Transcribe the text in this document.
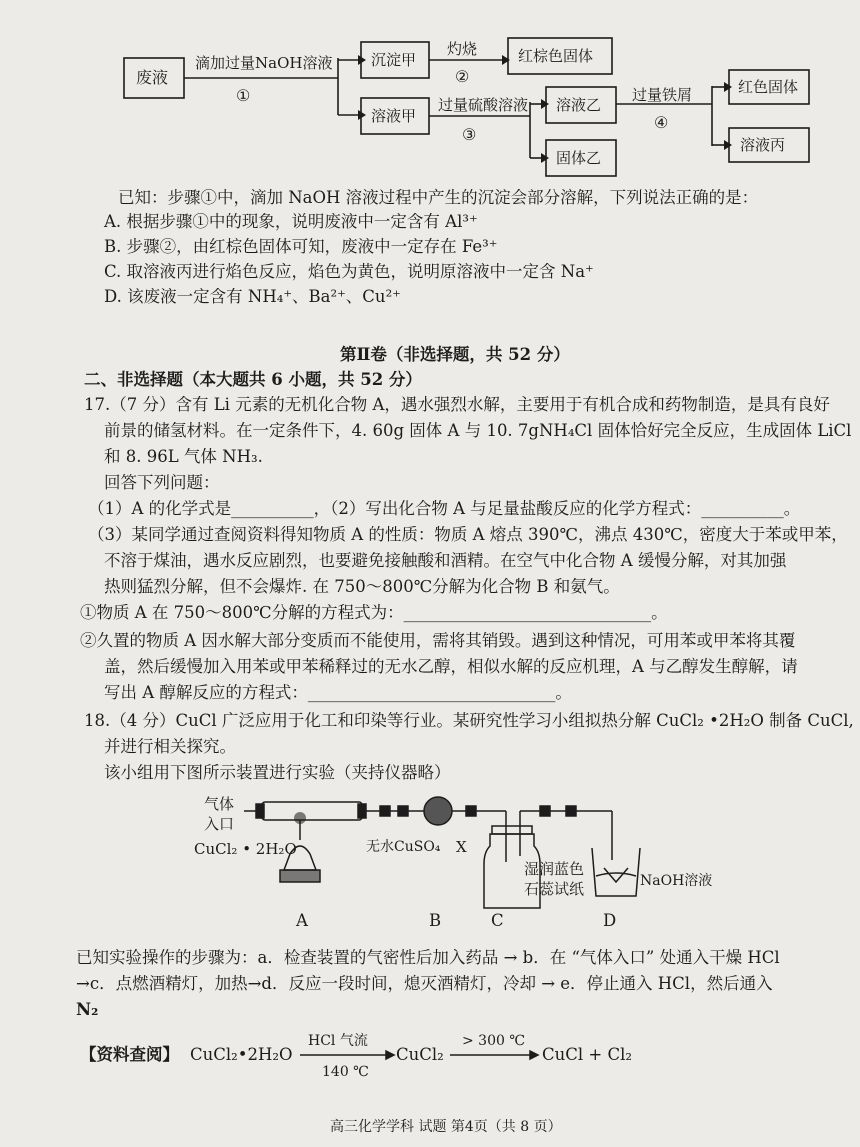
废液
滴加过量NaOH溶液
①
沉淀甲
灼烧
②
红棕色固体
溶液甲
过量硫酸溶液
③
溶液乙
固体乙
过量铁屑
④
红色固体
溶液丙
已知：步骤①中，滴加 NaOH 溶液过程中产生的沉淀会部分溶解，下列说法正确的是：
A. 根据步骤①中的现象，说明废液中一定含有 Al³⁺
B. 步骤②，由红棕色固体可知，废液中一定存在 Fe³⁺
C. 取溶液丙进行焰色反应，焰色为黄色，说明原溶液中一定含 Na⁺
D. 该废液一定含有 NH₄⁺、Ba²⁺、Cu²⁺
第Ⅱ卷（非选择题，共 52 分）
二、非选择题（本大题共 6 小题，共 52 分）
17.（7 分）含有 Li 元素的无机化合物 A，遇水强烈水解，主要用于有机合成和药物制造，是具有良好
前景的储氢材料。在一定条件下，4. 60g 固体 A 与 10. 7gNH₄Cl 固体恰好完全反应，生成固体 LiCl
和 8. 96L 气体 NH₃.
回答下列问题：
（1）A 的化学式是__________，（2）写出化合物 A 与足量盐酸反应的化学方程式：__________。
（3）某同学通过查阅资料得知物质 A 的性质：物质 A 熔点 390℃，沸点 430℃，密度大于苯或甲苯，
不溶于煤油，遇水反应剧烈，也要避免接触酸和酒精。在空气中化合物 A 缓慢分解，对其加强
热则猛烈分解，但不会爆炸. 在 750～800℃分解为化合物 B 和氨气。
①物质 A 在 750～800℃分解的方程式为：______________________________。
②久置的物质 A 因水解大部分变质而不能使用，需将其销毁。遇到这种情况，可用苯或甲苯将其覆
盖，然后缓慢加入用苯或甲苯稀释过的无水乙醇，相似水解的反应机理，A 与乙醇发生醇解，请
写出 A 醇解反应的方程式：______________________________。
18.（4 分）CuCl 广泛应用于化工和印染等行业。某研究性学习小组拟热分解 CuCl₂ •2H₂O 制备 CuCl,
并进行相关探究。
该小组用下图所示装置进行实验（夹持仪器略）
气体
入口
CuCl₂ • 2H₂O	无水CuSO₄ X
湿润蓝色
石蕊试纸	NaOH溶液
A	B	C	D
已知实验操作的步骤为：a．检查装置的气密性后加入药品 → b．在 “气体入口” 处通入干燥 HCl
→c．点燃酒精灯，加热→d．反应一段时间，熄灭酒精灯，冷却 → e．停止通入 HCl，然后通入
N₂
【资料查阅】 CuCl₂•2H₂O
HCl 气流
140 ℃
CuCl₂
> 300 ℃
CuCl + Cl₂
高三化学学科 试题 第4页（共 8 页）
